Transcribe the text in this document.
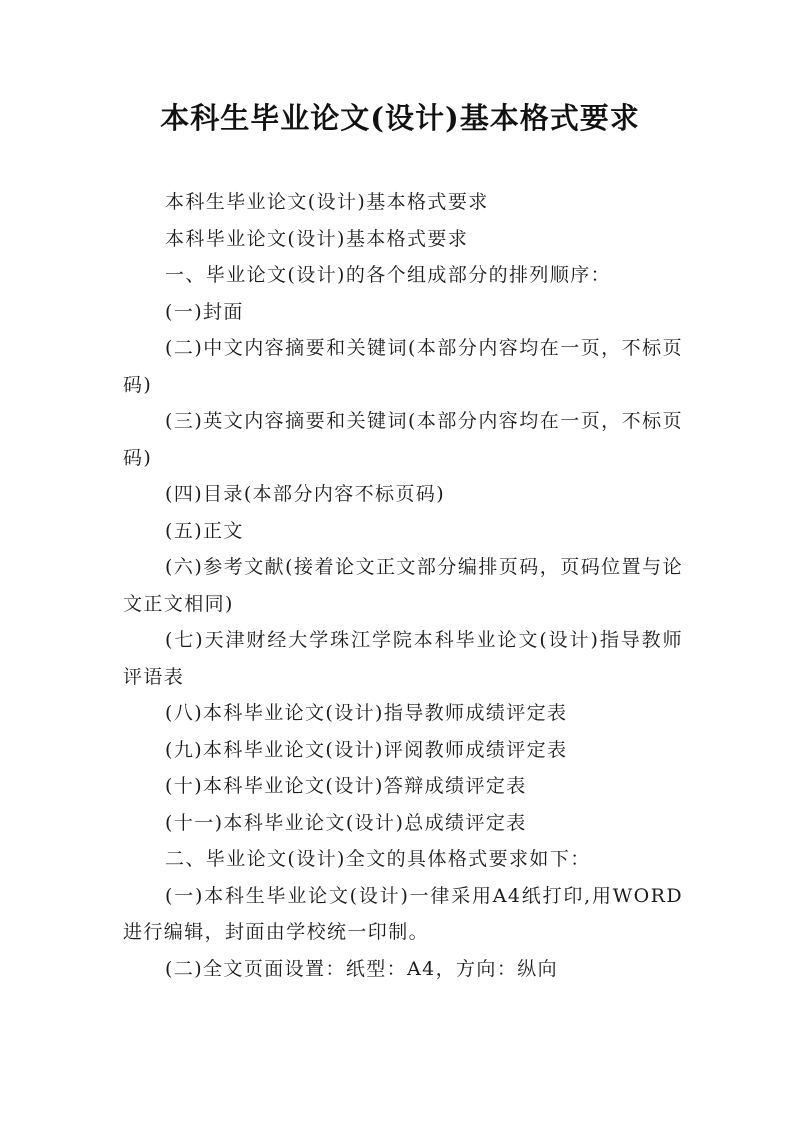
本科生毕业论文(设计)基本格式要求

本科生毕业论文(设计)基本格式要求

本科毕业论文(设计)基本格式要求

一、毕业论文(设计)的各个组成部分的排列顺序：

(一)封面

(二)中文内容摘要和关键词(本部分内容均在一页，不标页码)

(三)英文内容摘要和关键词(本部分内容均在一页，不标页码)

(四)目录(本部分内容不标页码)

(五)正文

(六)参考文献(接着论文正文部分编排页码，页码位置与论文正文相同)

(七)天津财经大学珠江学院本科毕业论文(设计)指导教师评语表

(八)本科毕业论文(设计)指导教师成绩评定表

(九)本科毕业论文(设计)评阅教师成绩评定表

(十)本科毕业论文(设计)答辩成绩评定表

(十一)本科毕业论文(设计)总成绩评定表

二、毕业论文(设计)全文的具体格式要求如下：

(一)本科生毕业论文(设计)一律采用A4纸打印,用WORD进行编辑，封面由学校统一印制。

(二)全文页面设置：纸型：A4，方向：纵向
